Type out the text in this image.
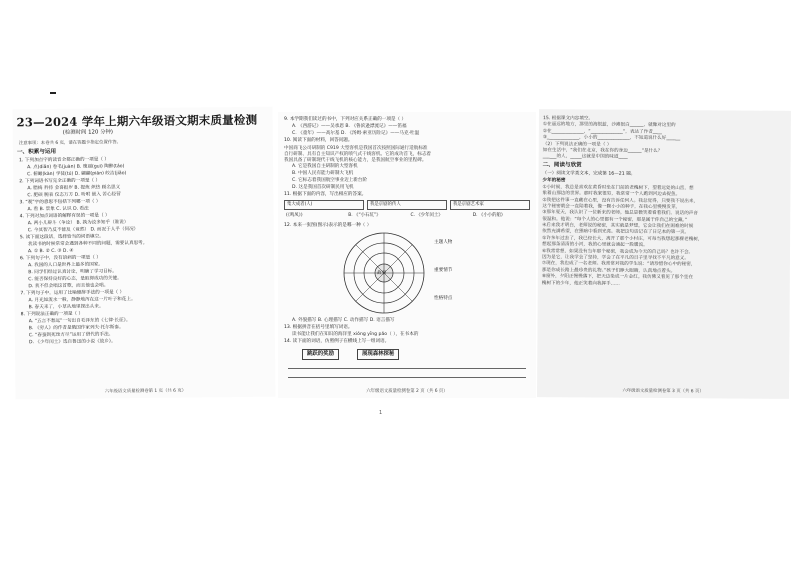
23—2024 学年上期六年级语文期末质量检测
(检测时间 120 分钟)
注意事项：本卷共 6 页，请在答题卡指定位置作答。
一、积累与运用
1. 下列加点字的读音全都正确的一项是（ ）
A. 点(diǎn) 卷毛(juàn) B. 瑰丽(guī) 陶醉(táo)
C. 俯瞰(kàn) 学徒(tú) D. 翩翩(piān) 皎洁(jiǎo)
2. 下列词语书写完全正确的一项是（ ）
A. 腊梅 矜持 金喜报岁 B. 提炼 炽热 顾名思义
C. 肥硕 腕表 仪态万方 D. 吩咐 嵌入 苦心经营
3. “观”字的意思不包括下列哪一项（ ）
A. 看 B. 景象 C. 认识 D. 看法
4. 下列对加点词语的解释有误的一项是（ ）
A. 两小儿辩斗（争论） B. 孰为汝多知乎（谁说）
C. 今其智乃反不能及（竟然） D. 而况于人乎（何况）
5. 读下面这段话，选择恰当的词语填空。
我读书的时候常常会遇到各种不同的问题，需要认真思考。
A. ① B. ② C. ③ D. ④
6. 下列句子中，没有语病的一项是（ ）
A. 我国的人口是世界上最多的国家。
B. 同学们经过认真讨论，明确了学习目标。
C. 能否保持良好的心态，是取得成功的关键。
D. 我不但会唱这首歌，而且他也会唱。
7. 下列句子中，运用了比喻修辞手法的一项是（ ）
A. 月光如流水一般，静静地泻在这一片叶子和花上。
B. 春天来了，小草从地里探出头来。
8. 下列说法正确的一项是（ ）
A. “五言不愁远”一句出自毛泽东的《七律·长征》。
B. 《穷人》的作者是俄国作家列夫·托尔斯泰。
C. “春蚕到死丝方尽”运用了借代的手法。
D. 《少年闰土》选自鲁迅的小说《故乡》。
六年级语文质量检测卷第 1 页（共 6 页）
9. 本学期我们读过的书中，下列对应关系正确的一项是（ ）
A. 《西游记》——吴承恩 B. 《鲁滨逊漂流记》——笛福
C. 《童年》——高尔基 D. 《汤姆·索亚历险记》——马克·吐温
10. 阅读下面的材料，回答问题。
中国商飞公司研制的 C919 大型客机是我国首次按照国际通行适航标准
自行研制、具有自主知识产权的喷气式干线客机。它的成功首飞，标志着
我国具备了研制现代干线飞机的核心能力，是我国航空事业的里程碑。
A. 它是我国自主研制的大型客机
B. 中国人民有能力研制大飞机
C. 它标志着我国航空事业迈上新台阶
D. 这是我国首次研制民用飞机
11. 根据下面的内容，写出相应的答案。
集大成者(人)	我是京剧的传人	我是京剧艺术家
(《鸣凤》)	B. 《“小石坑”》	C. 《少年闰土》	D. 《小小的船》
12. 本来一张图(图示)表示的是哪一种（ ）
主题人物
重要情节
性格特点
故事
A. 外貌描写 B. 心理描写 C. 动作描写 D. 语言描写
13. 根据拼音在括号里填写词语。
读书能让我们在知识的海洋里 xióng yīng pǎo（ ），在书本的
14. 读下面的词语，仿照例子在横线上写一组词语。
跳跃的奖励	展现森林探秘
六年级语文质量检测卷第 2 页（共 6 页）
1
15. 根据课文内容填空。
①在遥远的地方，那里的海很蓝，沙滩很白______，就像对这里的
②在______________，“______________”，表达了作者____
③______________，小小的______________，不知道说什么好______
（2）下列说法正确的一项是（ ）
如在生活中，“我们在北京，我在你的身边______”是什么？
______的人，_____这就是中国的味道____
二、阅读与欣赏
（一）阅读文学类文本，完成第 16—21 题。
少年的秘密
①小时候，我总是喜欢在黄昏时坐在门前的老槐树下，望着远处的山峦，想
象着山那边的世界。那时我家很穷，我常常一个人跑到河边去捉鱼。
②我把这件事一直藏在心里，没有告诉任何人。我总觉得，只要我不说出来，
这个秘密就会一直陪着我，像一颗小小的种子，在我心里慢慢发芽。
③那年夏天，我认识了一位新来的老师。他总是微笑着看着我们，说话的声音
很温和。他说：“每个人的心里都有一个秘密，那是属于你自己的宝藏。”
④后来我才明白，老师说的秘密，其实就是梦想。它会让我们在困难的时候
依然充满希望，在黑暗中看到光亮。我把这句话记在了日记本的第一页。
⑤许多年过去了，我已经长大，离开了那个小村庄。可每当我想起那棵老槐树，
想起那条清清的小河，我的心里就会涌起一股暖流。
⑥我常常想，如果没有当年那个秘密，我会成为今天的自己吗？也许不会。
因为是它，让我学会了坚持，学会了在平凡的日子里寻找不平凡的意义。
⑦现在，我也成了一名老师。我常常对我的学生说：“请珍惜你心中的秘密，
那是你成长路上最珍贵的礼物。”孩子们睁大眼睛，认真地点着头。
⑧窗外，夕阳正慢慢落下，把天边染成一片金红。我仿佛又看见了那个坐在
槐树下的少年，他正笑着向我挥手……
六年级语文质量检测卷第 3 页（共 6 页）
